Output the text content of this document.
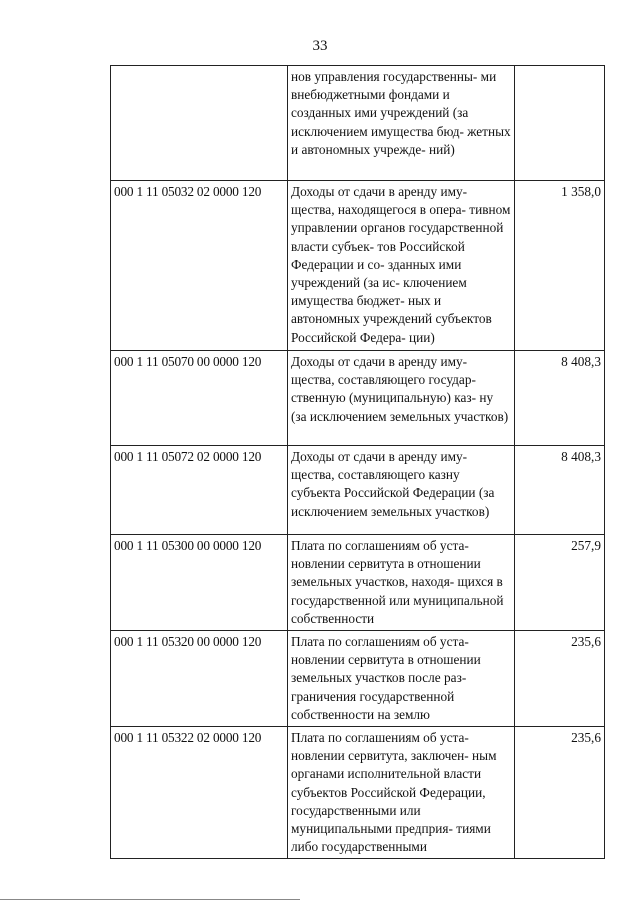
33
	нов управления государственны- ми внебюджетными фондами и созданных ими учреждений (за исключением имущества бюд- жетных и автономных учрежде- ний)	
000 1 11 05032 02 0000 120	Доходы от сдачи в аренду иму- щества, находящегося в опера- тивном управлении органов государственной власти субъек- тов Российской Федерации и со- зданных ими учреждений (за ис- ключением имущества бюджет- ных и автономных учреждений субъектов Российской Федера- ции)	1 358,0
000 1 11 05070 00 0000 120	Доходы от сдачи в аренду иму- щества, составляющего государ- ственную (муниципальную) каз- ну (за исключением земельных участков)	8 408,3
000 1 11 05072 02 0000 120	Доходы от сдачи в аренду иму- щества, составляющего казну субъекта Российской Федерации (за исключением земельных участков)	8 408,3
000 1 11 05300 00 0000 120	Плата по соглашениям об уста- новлении сервитута в отношении земельных участков, находя- щихся в государственной или муниципальной собственности	257,9
000 1 11 05320 00 0000 120	Плата по соглашениям об уста- новлении сервитута в отношении земельных участков после раз- граничения государственной собственности на землю	235,6
000 1 11 05322 02 0000 120	Плата по соглашениям об уста- новлении сервитута, заключен- ным органами исполнительной власти субъектов Российской Федерации, государственными или муниципальными предприя- тиями либо государственными	235,6
